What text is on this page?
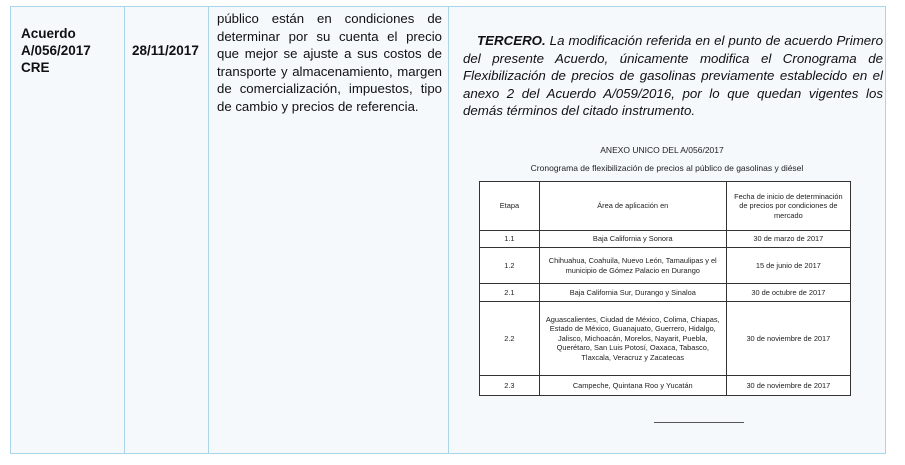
Acuerdo
A/056/2017
CRE
28/11/2017
público están en condiciones de determinar por su cuenta el precio que mejor se ajuste a sus costos de transporte y almacenamiento, margen de comercialización, impuestos, tipo de cambio y precios de referencia.
TERCERO. La modificación referida en el punto de acuerdo Primero del presente Acuerdo, únicamente modifica el Cronograma de Flexibilización de precios de gasolinas previamente establecido en el anexo 2 del Acuerdo A/059/2016, por lo que quedan vigentes los demás términos del citado instrumento.
ANEXO UNICO DEL A/056/2017
Cronograma de flexibilización de precios al público de gasolinas y diésel
Etapa	Área de aplicación en	Fecha de inicio de determinación de precios por condiciones de mercado
1.1	Baja California y Sonora	30 de marzo de 2017
1.2	Chihuahua, Coahuila, Nuevo León, Tamaulipas y el municipio de Gómez Palacio en Durango	15 de junio de 2017
2.1	Baja California Sur, Durango y Sinaloa	30 de octubre de 2017
2.2	Aguascalientes, Ciudad de México, Colima, Chiapas, Estado de México, Guanajuato, Guerrero, Hidalgo, Jalisco, Michoacán, Morelos, Nayarit, Puebla, Querétaro, San Luis Potosí, Oaxaca, Tabasco, Tlaxcala, Veracruz y Zacatecas	30 de noviembre de 2017
2.3	Campeche, Quintana Roo y Yucatán	30 de noviembre de 2017
